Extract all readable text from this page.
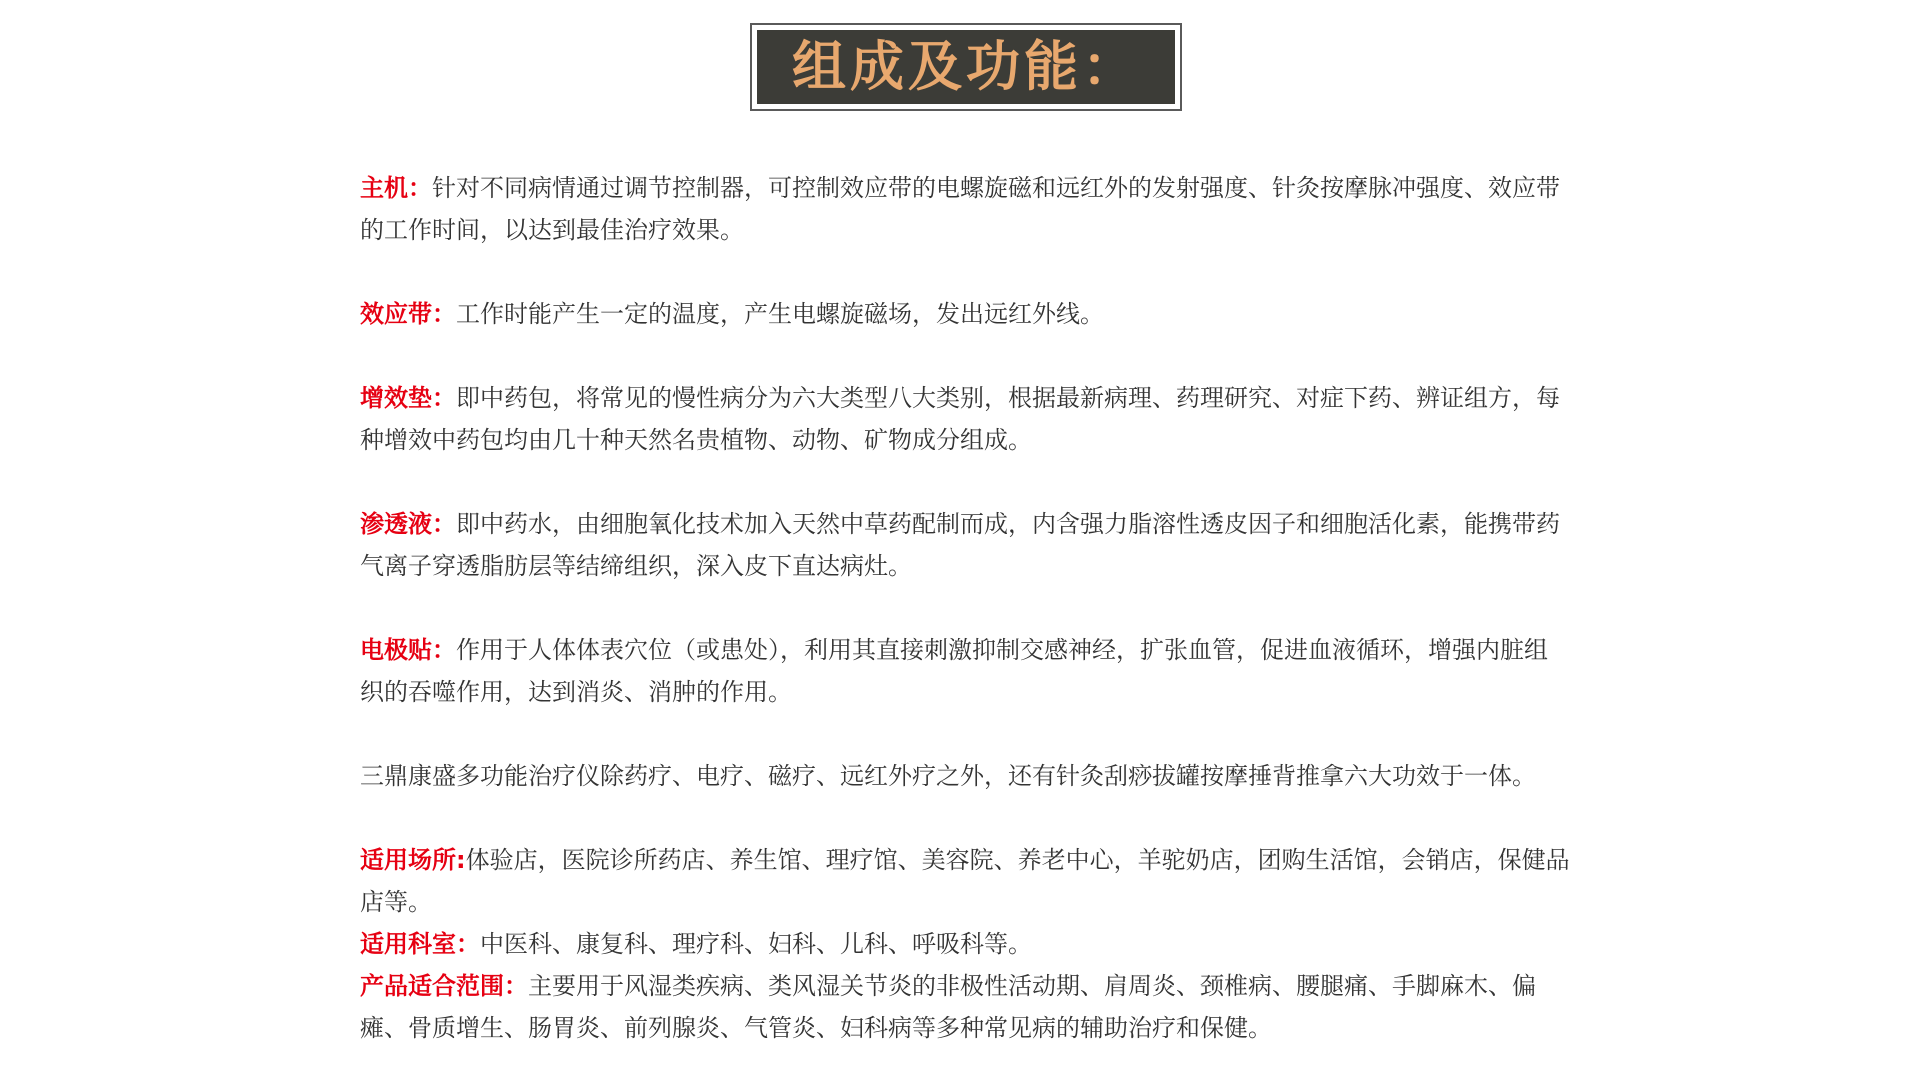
组成及功能：

主机：针对不同病情通过调节控制器，可控制效应带的电螺旋磁和远红外的发射强度、针灸按摩脉冲强度、效应带的工作时间，以达到最佳治疗效果。

效应带：工作时能产生一定的温度，产生电螺旋磁场，发出远红外线。

增效垫：即中药包，将常见的慢性病分为六大类型八大类别，根据最新病理、药理研究、对症下药、辨证组方，每种增效中药包均由几十种天然名贵植物、动物、矿物成分组成。

渗透液：即中药水，由细胞氧化技术加入天然中草药配制而成，内含强力脂溶性透皮因子和细胞活化素，能携带药气离子穿透脂肪层等结缔组织，深入皮下直达病灶。

电极贴：作用于人体体表穴位（或患处），利用其直接刺激抑制交感神经，扩张血管，促进血液循环，增强内脏组织的吞噬作用，达到消炎、消肿的作用。

三鼎康盛多功能治疗仪除药疗、电疗、磁疗、远红外疗之外，还有针灸刮痧拔罐按摩捶背推拿六大功效于一体。

适用场所:体验店，医院诊所药店、养生馆、理疗馆、美容院、养老中心，羊驼奶店，团购生活馆，会销店，保健品店等。

适用科室：中医科、康复科、理疗科、妇科、儿科、呼吸科等。

产品适合范围：主要用于风湿类疾病、类风湿关节炎的非极性活动期、肩周炎、颈椎病、腰腿痛、手脚麻木、偏瘫、骨质增生、肠胃炎、前列腺炎、气管炎、妇科病等多种常见病的辅助治疗和保健。
